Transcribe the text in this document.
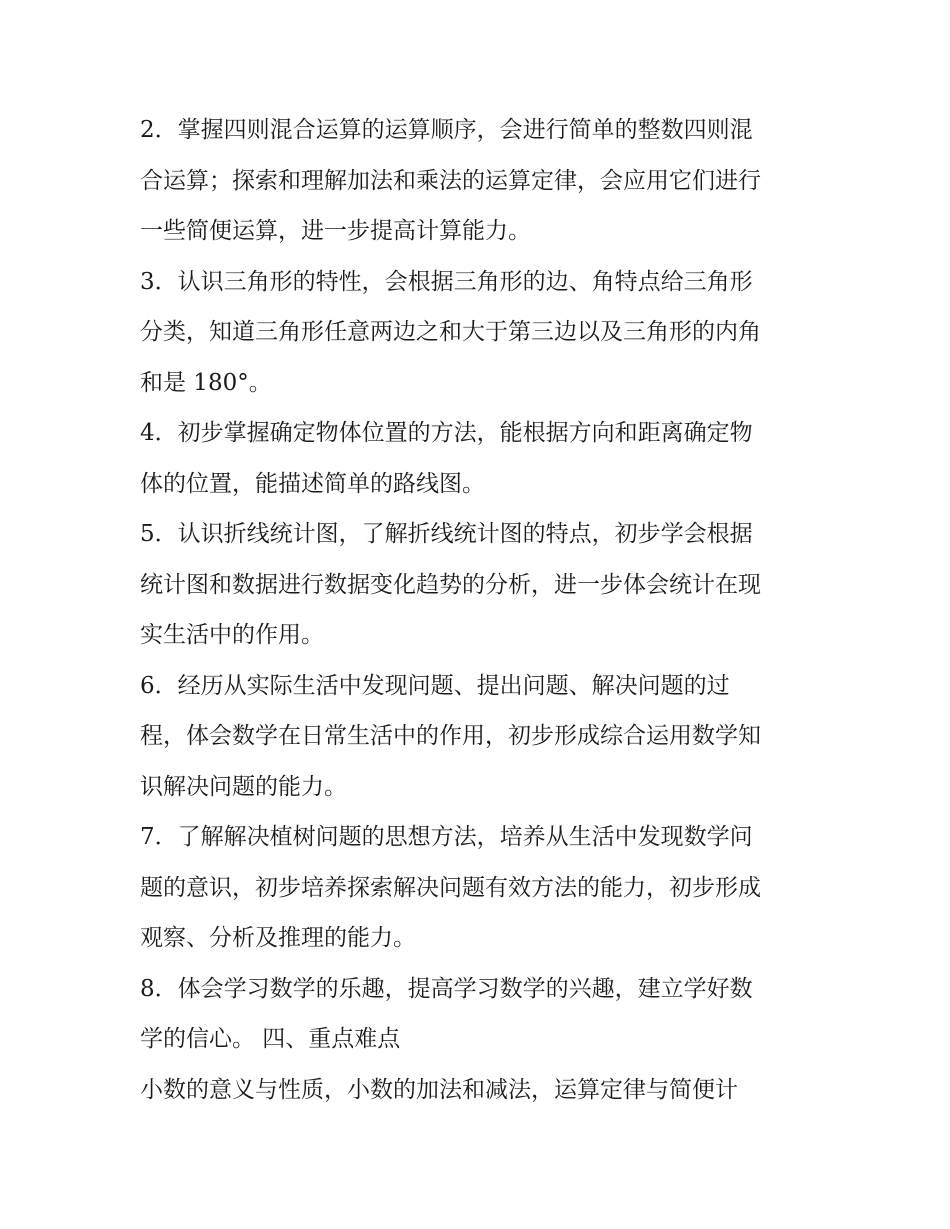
2．掌握四则混合运算的运算顺序，会进行简单的整数四则混

合运算；探索和理解加法和乘法的运算定律，会应用它们进行

一些简便运算，进一步提高计算能力。

3．认识三角形的特性，会根据三角形的边、角特点给三角形

分类，知道三角形任意两边之和大于第三边以及三角形的内角

和是 180°。

4．初步掌握确定物体位置的方法，能根据方向和距离确定物

体的位置，能描述简单的路线图。

5．认识折线统计图，了解折线统计图的特点，初步学会根据

统计图和数据进行数据变化趋势的分析，进一步体会统计在现

实生活中的作用。

6．经历从实际生活中发现问题、提出问题、解决问题的过

程，体会数学在日常生活中的作用，初步形成综合运用数学知

识解决问题的能力。

7．了解解决植树问题的思想方法，培养从生活中发现数学问

题的意识，初步培养探索解决问题有效方法的能力，初步形成

观察、分析及推理的能力。

8．体会学习数学的乐趣，提高学习数学的兴趣，建立学好数

学的信心。 四、重点难点

小数的意义与性质，小数的加法和减法，运算定律与简便计
